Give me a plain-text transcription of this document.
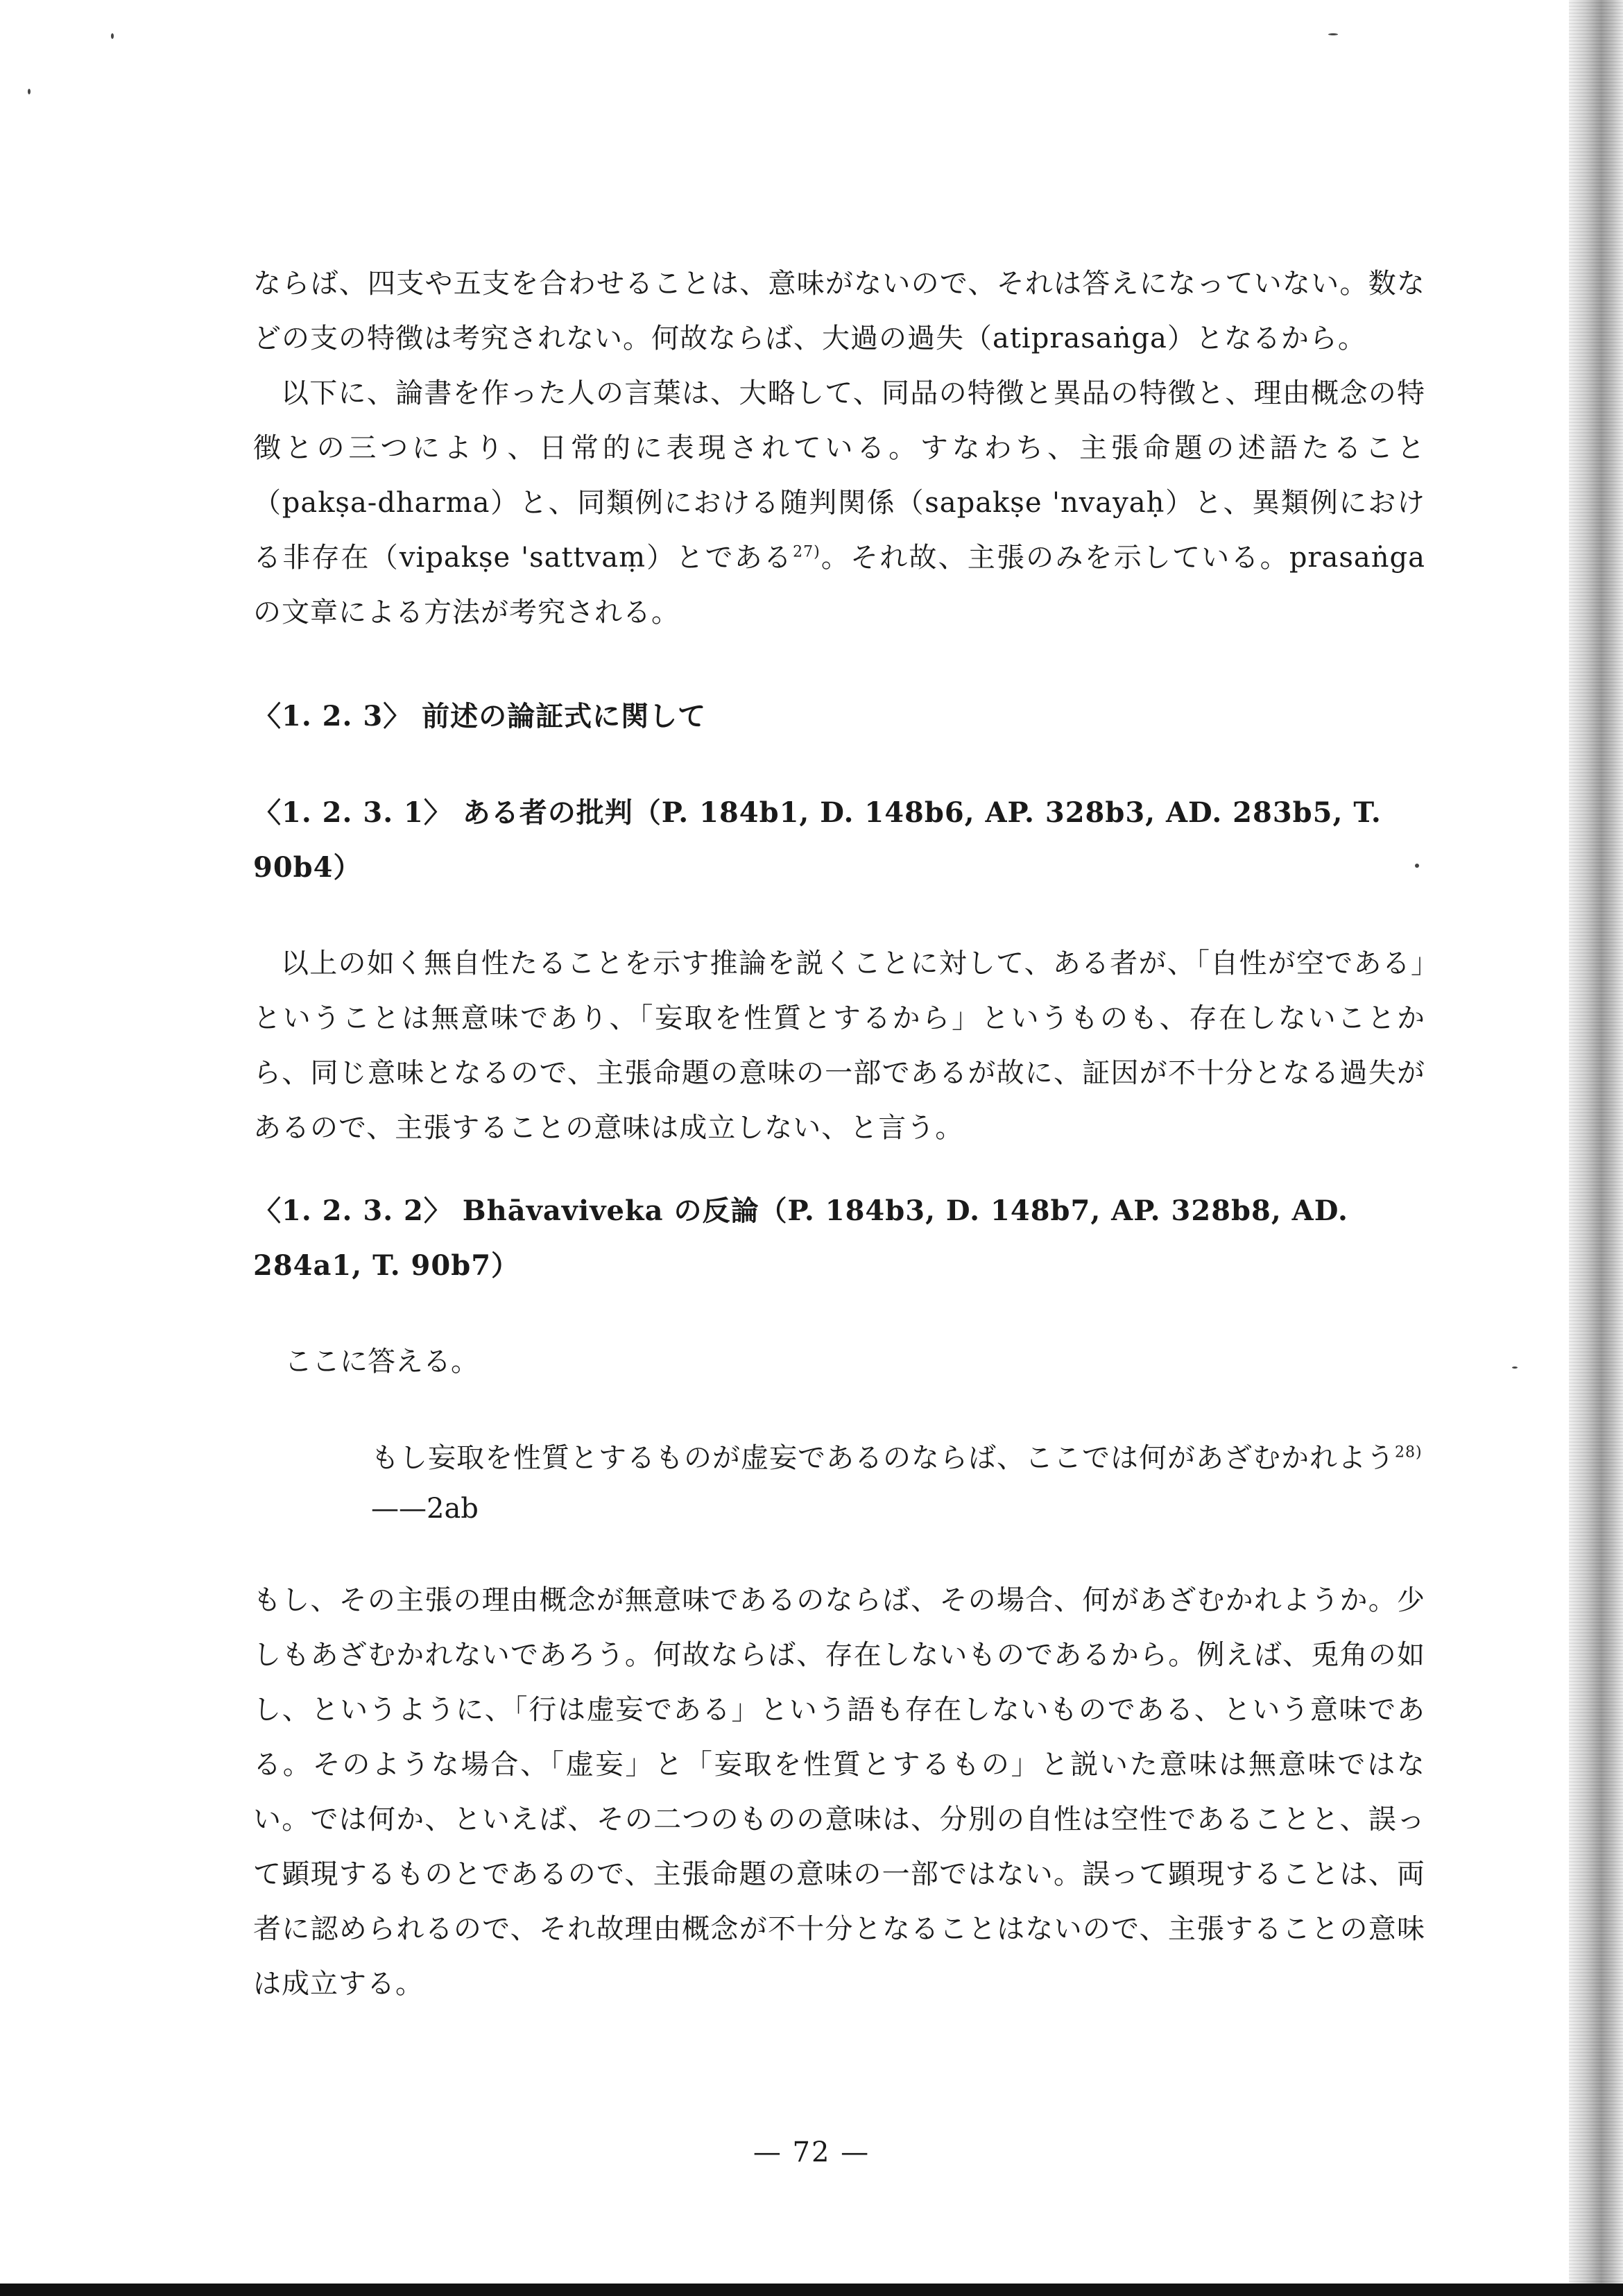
ならば、四支や五支を合わせることは、意味がないので、それは答えになっていない。数などの支の特徴は考究されない。何故ならば、大過の過失（atiprasaṅga）となるから。

以下に、論書を作った人の言葉は、大略して、同品の特徴と異品の特徴と、理由概念の特徴との三つにより、日常的に表現されている。すなわち、主張命題の述語たること（pakṣa-dharma）と、同類例における随判関係（sapakṣe 'nvayaḥ）と、異類例における非存在（vipakṣe 'sattvaṃ）とである$^{27)}$。それ故、主張のみを示している。prasaṅga の文章による方法が考究される。

〈1. 2. 3〉 前述の論証式に関して
〈1. 2. 3. 1〉 ある者の批判（P. 184b1, D. 148b6, AP. 328b3, AD. 283b5, T. 90b4）

以上の如く無自性たることを示す推論を説くことに対して、ある者が、「自性が空である」ということは無意味であり、「妄取を性質とするから」というものも、存在しないことから、同じ意味となるので、主張命題の意味の一部であるが故に、証因が不十分となる過失があるので、主張することの意味は成立しない、と言う。

〈1. 2. 3. 2〉 Bhāvaviveka の反論（P. 184b3, D. 148b7, AP. 328b8, AD. 284a1, T. 90b7）
ここに答える。
もし妄取を性質とするものが虚妄であるのならば、ここでは何があざむかれよう$^{28)}$
——2ab

もし、その主張の理由概念が無意味であるのならば、その場合、何があざむかれようか。少しもあざむかれないであろう。何故ならば、存在しないものであるから。例えば、兎角の如し、というように、「行は虚妄である」という語も存在しないものである、という意味である。そのような場合、「虚妄」と「妄取を性質とするもの」と説いた意味は無意味ではない。では何か、といえば、その二つのものの意味は、分別の自性は空性であることと、誤って顕現するものとであるので、主張命題の意味の一部ではない。誤って顕現することは、両者に認められるので、それ故理由概念が不十分となることはないので、主張することの意味は成立する。

— 72 —
